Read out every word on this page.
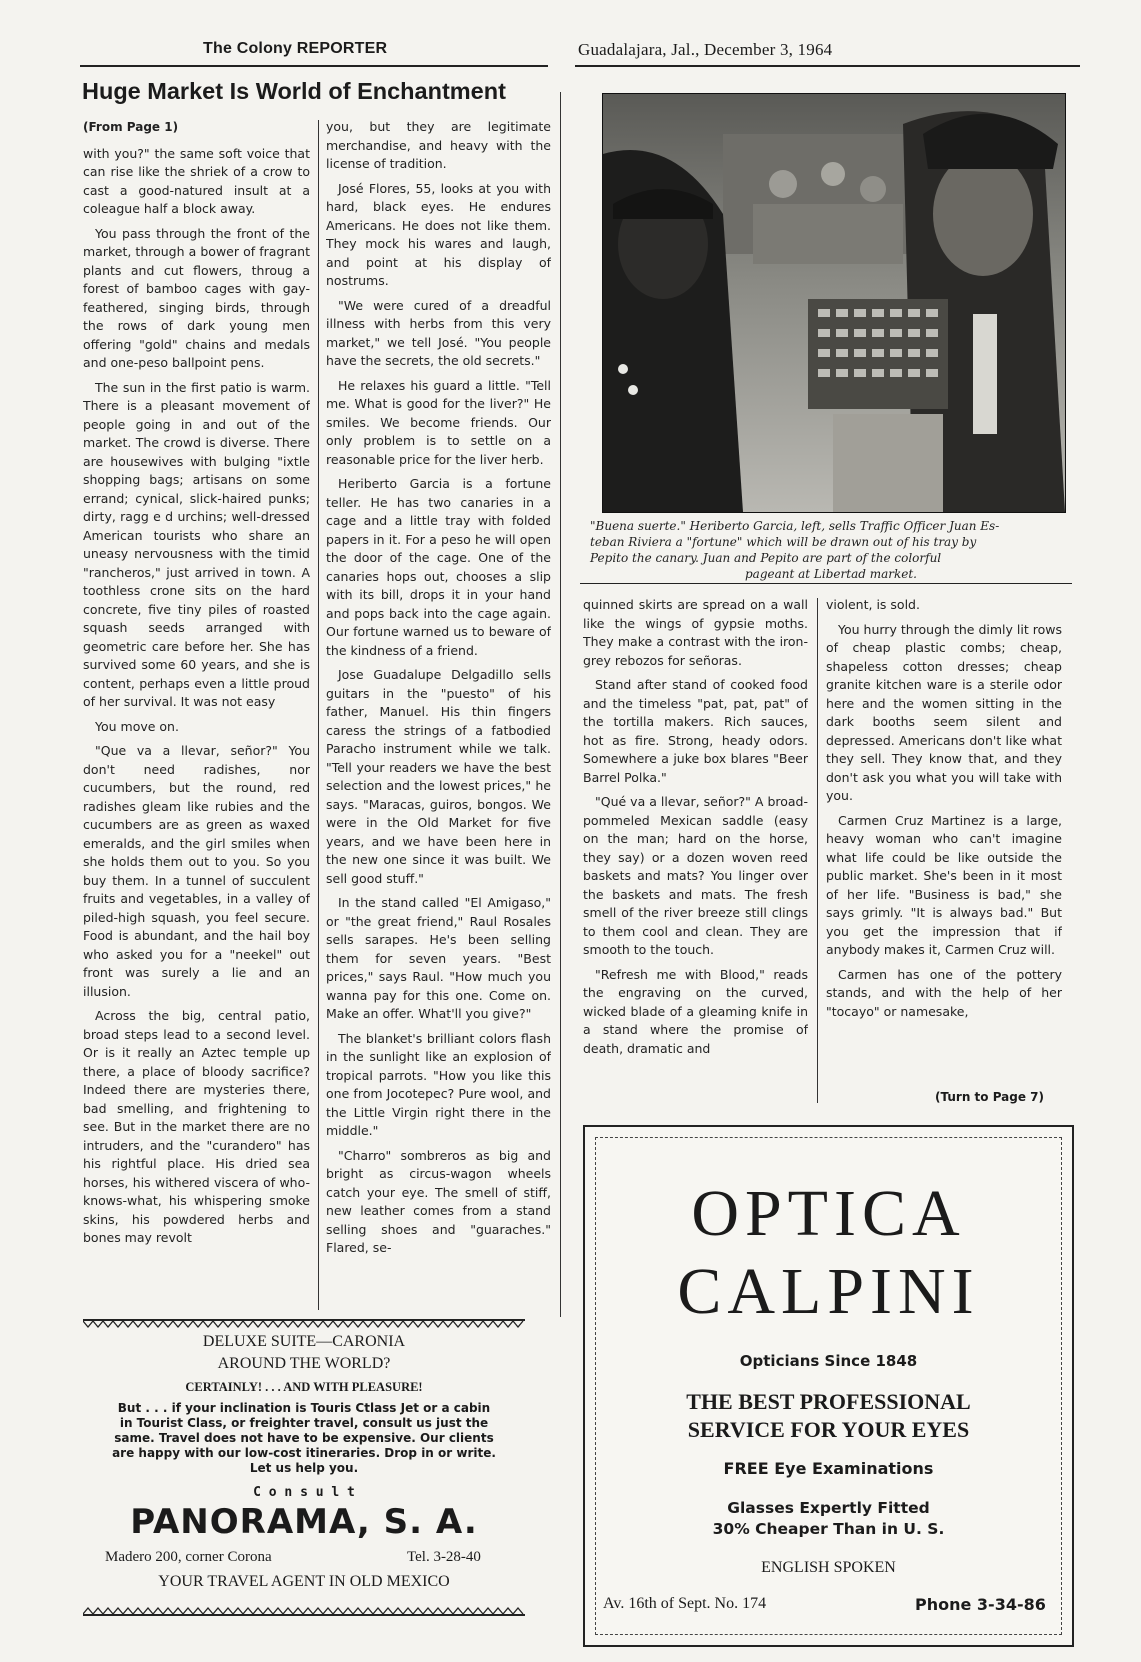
The Colony REPORTER	Guadalajara, Jal., December 3, 1964
Huge Market Is World of Enchantment

(From Page 1)

with you?" the same soft voice that can rise like the shriek of a crow to cast a good-natured insult at a coleague half a block away.

You pass through the front of the market, through a bower of fragrant plants and cut flowers, throug a forest of bamboo cages with gay-feathered, singing birds, through the rows of dark young men offering "gold" chains and medals and one-peso ballpoint pens.

The sun in the first patio is warm. There is a pleasant movement of people going in and out of the market. The crowd is diverse. There are housewives with bulging "ixtle shopping bags; artisans on some errand; cynical, slick-haired punks; dirty, ragg e d urchins; well-dressed American tourists who share an uneasy nervousness with the timid "rancheros," just arrived in town. A toothless crone sits on the hard concrete, five tiny piles of roasted squash seeds arranged with geometric care before her. She has survived some 60 years, and she is content, perhaps even a little proud of her survival. It was not easy

You move on.

"Que va a llevar, señor?" You don't need radishes, nor cucumbers, but the round, red radishes gleam like rubies and the cucumbers are as green as waxed emeralds, and the girl smiles when she holds them out to you. So you buy them. In a tunnel of succulent fruits and vegetables, in a valley of piled-high squash, you feel secure. Food is abundant, and the hail boy who asked you for a "neekel" out front was surely a lie and an illusion.

Across the big, central patio, broad steps lead to a second level. Or is it really an Aztec temple up there, a place of bloody sacrifice? Indeed there are mysteries there, bad smelling, and frightening to see. But in the market there are no intruders, and the "curandero" has his rightful place. His dried sea horses, his withered viscera of who-knows-what, his whispering smoke skins, his powdered herbs and bones may revolt

you, but they are legitimate merchandise, and heavy with the license of tradition.

José Flores, 55, looks at you with hard, black eyes. He endures Americans. He does not like them. They mock his wares and laugh, and point at his display of nostrums.

"We were cured of a dreadful illness with herbs from this very market," we tell José. "You people have the secrets, the old secrets."

He relaxes his guard a little. "Tell me. What is good for the liver?" He smiles. We become friends. Our only problem is to settle on a reasonable price for the liver herb.

Heriberto Garcia is a fortune teller. He has two canaries in a cage and a little tray with folded papers in it. For a peso he will open the door of the cage. One of the canaries hops out, chooses a slip with its bill, drops it in your hand and pops back into the cage again. Our fortune warned us to beware of the kindness of a friend.

Jose Guadalupe Delgadillo sells guitars in the "puesto" of his father, Manuel. His thin fingers caress the strings of a fatbodied Paracho instrument while we talk. "Tell your readers we have the best selection and the lowest prices," he says. "Maracas, guiros, bongos. We were in the Old Market for five years, and we have been here in the new one since it was built. We sell good stuff."

In the stand called "El Amigaso," or "the great friend," Raul Rosales sells sarapes. He's been selling them for seven years. "Best prices," says Raul. "How much you wanna pay for this one. Come on. Make an offer. What'll you give?"

The blanket's brilliant colors flash in the sunlight like an explosion of tropical parrots. "How you like this one from Jocotepec? Pure wool, and the Little Virgin right there in the middle."

"Charro" sombreros as big and bright as circus-wagon wheels catch your eye. The smell of stiff, new leather comes from a stand selling shoes and "guaraches." Flared, se-

"Buena suerte." Heriberto Garcia, left, sells Traffic Officer Juan Es-
teban Riviera a "fortune" which will be drawn out of his tray by
Pepito the canary. Juan and Pepito are part of the colorful
pageant at Libertad market.

quinned skirts are spread on a wall like the wings of gypsie moths. They make a contrast with the iron-grey rebozos for señoras.

Stand after stand of cooked food and the timeless "pat, pat, pat" of the tortilla makers. Rich sauces, hot as fire. Strong, heady odors. Somewhere a juke box blares "Beer Barrel Polka."

"Qué va a llevar, señor?" A broad-pommeled Mexican saddle (easy on the man; hard on the horse, they say) or a dozen woven reed baskets and mats? You linger over the baskets and mats. The fresh smell of the river breeze still clings to them cool and clean. They are smooth to the touch.

"Refresh me with Blood," reads the engraving on the curved, wicked blade of a gleaming knife in a stand where the promise of death, dramatic and

violent, is sold.

You hurry through the dimly lit rows of cheap plastic combs; cheap, shapeless cotton dresses; cheap granite kitchen ware is a sterile odor here and the women sitting in the dark booths seem silent and depressed. Americans don't like what they sell. They know that, and they don't ask you what you will take with you.

Carmen Cruz Martinez is a large, heavy woman who can't imagine what life could be like outside the public market. She's been in it most of her life. "Business is bad," she says grimly. "It is always bad." But you get the impression that if anybody makes it, Carmen Cruz will.

Carmen has one of the pottery stands, and with the help of her "tocayo" or namesake,

(Turn to Page 7)
DELUXE SUITE—CARONIA
AROUND THE WORLD?
CERTAINLY! . . . AND WITH PLEASURE!
But . . . if your inclination is Touris Ctlass Jet or a cabin
in Tourist Class, or freighter travel, consult us just the
same. Travel does not have to be expensive. Our clients
are happy with our low-cost itineraries. Drop in or write.
Let us help you.
C o n s u l t
PANORAMA, S. A.
Madero 200, corner Corona	Tel. 3-28-40
YOUR TRAVEL AGENT IN OLD MEXICO
OPTICA
CALPINI
Opticians Since 1848
THE BEST PROFESSIONAL
SERVICE FOR YOUR EYES
FREE Eye Examinations
Glasses Expertly Fitted
30% Cheaper Than in U. S.
ENGLISH SPOKEN
Av. 16th of Sept. No. 174	Phone 3-34-86
